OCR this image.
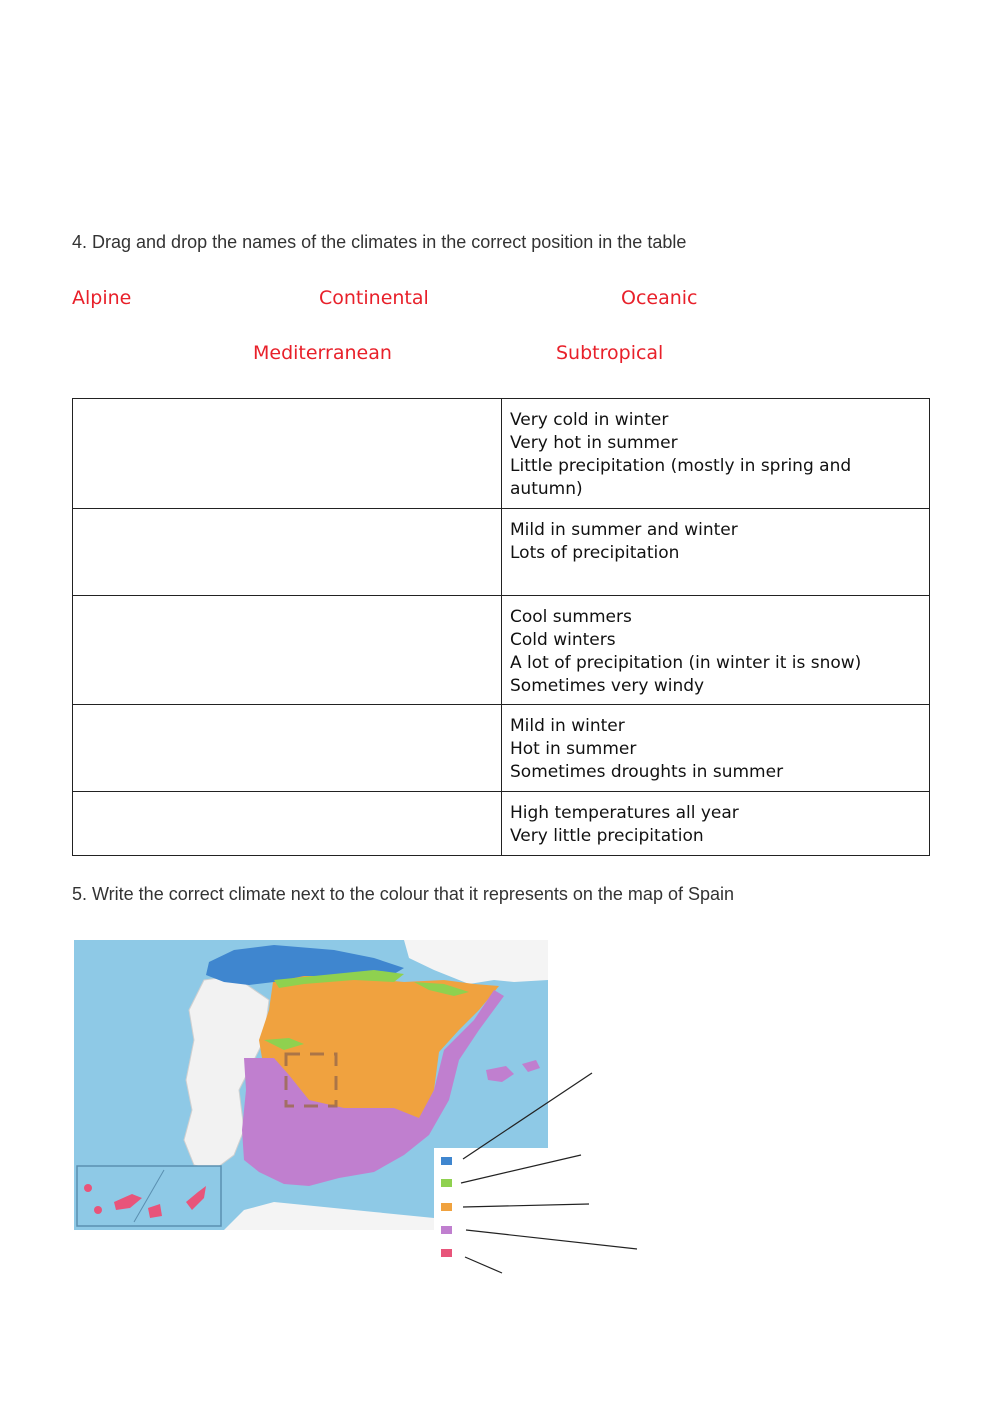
4. Drag and drop the names of the climates in the correct position in the table
Alpine	Continental	Oceanic
Mediterranean	Subtropical

	Very cold in winter
Very hot in summer
Little precipitation (mostly in spring and
autumn)

	Mild in summer and winter
Lots of precipitation

	Cool summers
Cold winters
A lot of precipitation (in winter it is snow)
Sometimes very windy

	Mild in winter
Hot in summer
Sometimes droughts in summer

	High temperatures all year
Very little precipitation
5. Write the correct climate next to the colour that it represents on the map of Spain
